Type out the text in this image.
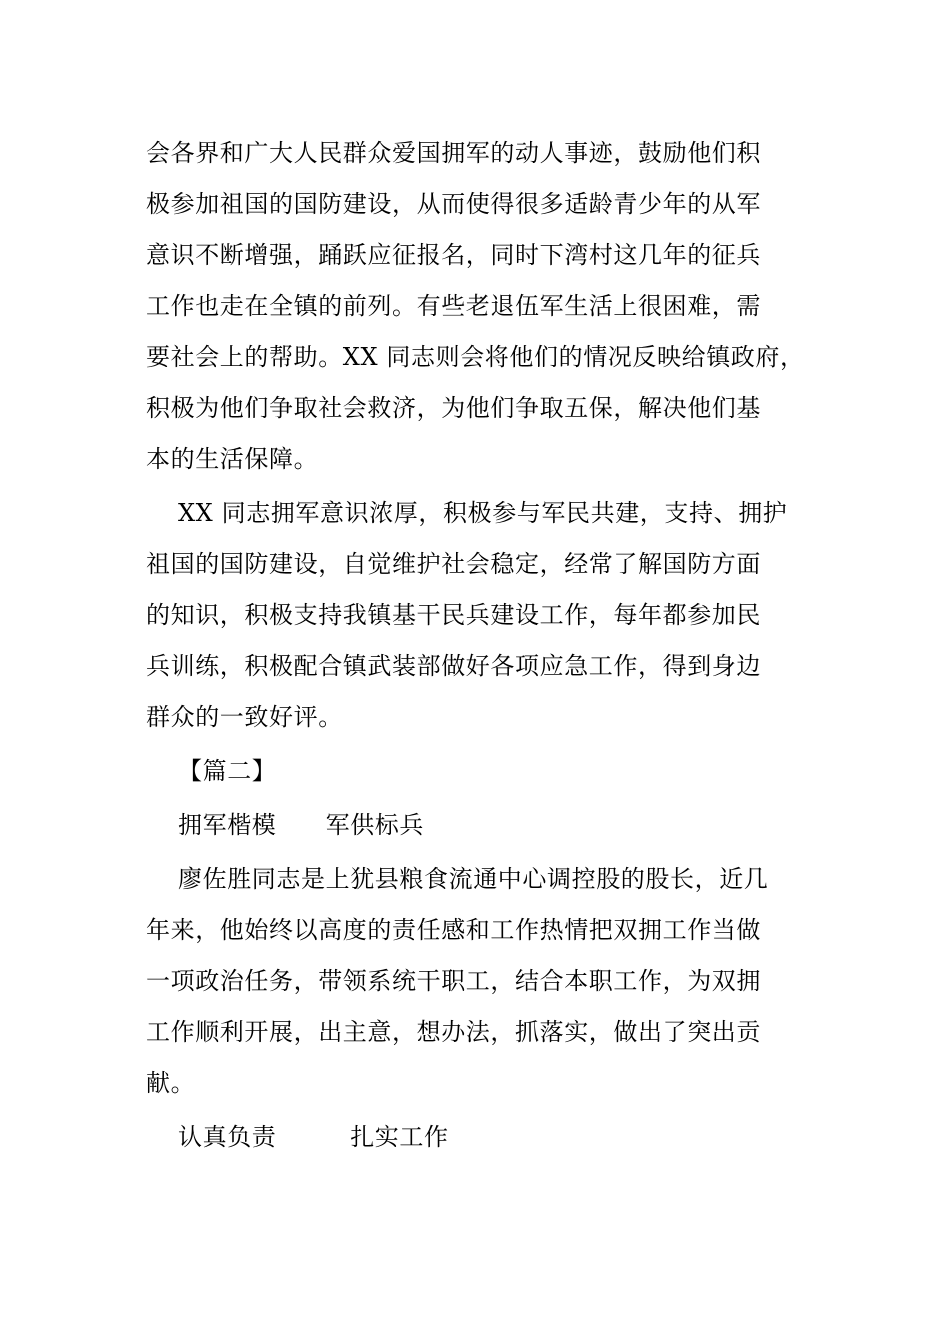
会各界和广大人民群众爱国拥军的动人事迹，鼓励他们积
极参加祖国的国防建设，从而使得很多适龄青少年的从军
意识不断增强，踊跃应征报名，同时下湾村这几年的征兵
工作也走在全镇的前列。有些老退伍军生活上很困难，需
要社会上的帮助。XX 同志则会将他们的情况反映给镇政府，
积极为他们争取社会救济，为他们争取五保，解决他们基
本的生活保障。
XX 同志拥军意识浓厚，积极参与军民共建，支持、拥护
祖国的国防建设，自觉维护社会稳定，经常了解国防方面
的知识，积极支持我镇基干民兵建设工作，每年都参加民
兵训练，积极配合镇武装部做好各项应急工作，得到身边
群众的一致好评。
【篇二】
拥军楷模　　军供标兵
廖佐胜同志是上犹县粮食流通中心调控股的股长，近几
年来，他始终以高度的责任感和工作热情把双拥工作当做
一项政治任务，带领系统干职工，结合本职工作，为双拥
工作顺利开展，出主意，想办法，抓落实，做出了突出贡
献。
认真负责　　　扎实工作
